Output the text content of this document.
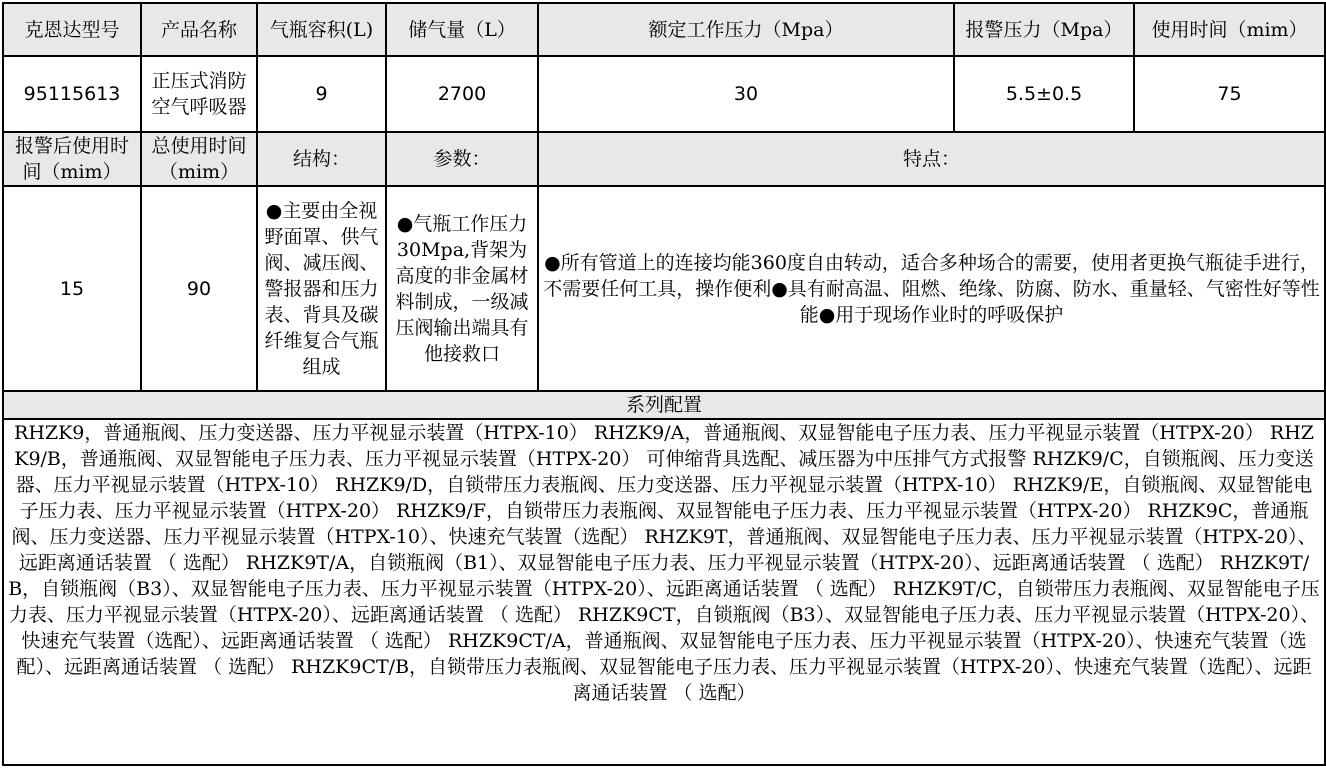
克恩达型号	产品名称	气瓶容积(L)	储气量（L）	额定工作压力（Mpa）	报警压力（Mpa）	使用时间（mim）
95115613	正压式消防空气呼吸器	9	2700	30	5.5±0.5	75
报警后使用时间（mim）	总使用时间（mim）	结构：	参数：	特点：		
15	90	●主要由全视野面罩、供气阀、减压阀、警报器和压力表、背具及碳纤维复合气瓶组成	●气瓶工作压力30Mpa,背架为高度的非金属材料制成，一级减压阀输出端具有他接救口	●所有管道上的连接均能360度自由转动，适合多种场合的需要，使用者更换气瓶徒手进行，不需要任何工具，操作便利●具有耐高温、阻燃、绝缘、防腐、防水、重量轻、气密性好等性能●用于现场作业时的呼吸保护		
系列配置						
RHZK9，普通瓶阀、压力变送器、压力平视显示装置（HTPX-10） RHZK9/A，普通瓶阀、双显智能电子压力表、压力平视显示装置（HTPX-20） RHZK9/B，普通瓶阀、双显智能电子压力表、压力平视显示装置（HTPX-20） 可伸缩背具选配、减压器为中压排气方式报警 RHZK9/C，自锁瓶阀、压力变送器、压力平视显示装置（HTPX-10） RHZK9/D，自锁带压力表瓶阀、压力变送器、压力平视显示装置（HTPX-10） RHZK9/E，自锁瓶阀、双显智能电子压力表、压力平视显示装置（HTPX-20） RHZK9/F，自锁带压力表瓶阀、双显智能电子压力表、压力平视显示装置（HTPX-20） RHZK9C，普通瓶阀、压力变送器、压力平视显示装置（HTPX-10）、快速充气装置（选配） RHZK9T，普通瓶阀、双显智能电子压力表、压力平视显示装置（HTPX-20）、远距离通话装置 （ 选配） RHZK9T/A，自锁瓶阀（B1）、双显智能电子压力表、压力平视显示装置（HTPX-20）、远距离通话装置 （ 选配） RHZK9T/B，自锁瓶阀（B3）、双显智能电子压力表、压力平视显示装置（HTPX-20）、远距离通话装置 （ 选配） RHZK9T/C，自锁带压力表瓶阀、双显智能电子压力表、压力平视显示装置（HTPX-20）、远距离通话装置 （ 选配） RHZK9CT，自锁瓶阀（B3）、双显智能电子压力表、压力平视显示装置（HTPX-20）、快速充气装置（选配）、远距离通话装置 （ 选配） RHZK9CT/A，普通瓶阀、双显智能电子压力表、压力平视显示装置（HTPX-20）、快速充气装置（选配）、远距离通话装置 （ 选配） RHZK9CT/B，自锁带压力表瓶阀、双显智能电子压力表、压力平视显示装置（HTPX-20）、快速充气装置（选配）、远距离通话装置 （ 选配）						
